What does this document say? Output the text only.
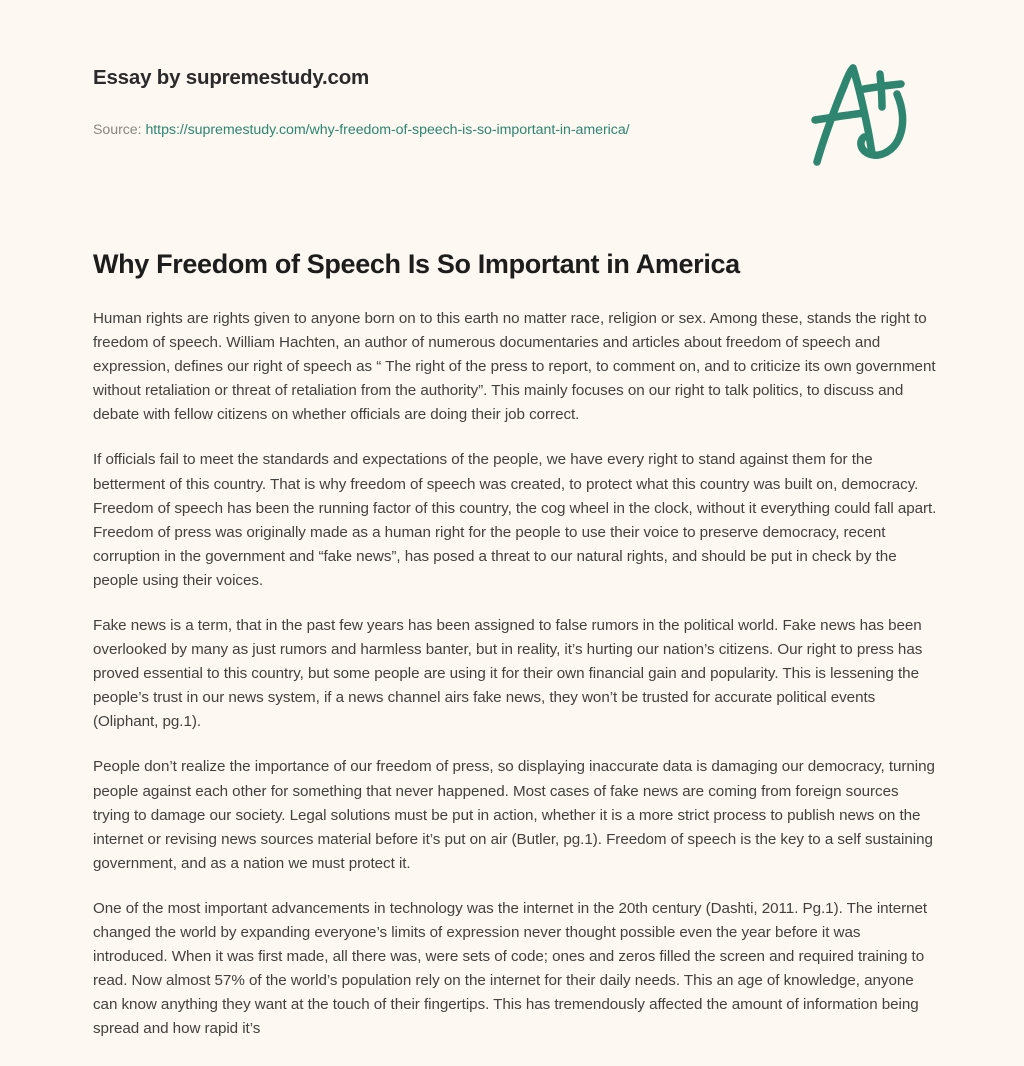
Essay by supremestudy.com
Source: https://supremestudy.com/why-freedom-of-speech-is-so-important-in-america/
Why Freedom of Speech Is So Important in America

Human rights are rights given to anyone born on to this earth no matter race, religion or sex. Among these, stands the right to freedom of speech. William Hachten, an author of numerous documentaries and articles about freedom of speech and expression, defines our right of speech as “ The right of the press to report, to comment on, and to criticize its own government without retaliation or threat of retaliation from the authority”. This mainly focuses on our right to talk politics, to discuss and debate with fellow citizens on whether officials are doing their job correct.

If officials fail to meet the standards and expectations of the people, we have every right to stand against them for the betterment of this country. That is why freedom of speech was created, to protect what this country was built on, democracy. Freedom of speech has been the running factor of this country, the cog wheel in the clock, without it everything could fall apart. Freedom of press was originally made as a human right for the people to use their voice to preserve democracy, recent corruption in the government and “fake news”, has posed a threat to our natural rights, and should be put in check by the people using their voices.

Fake news is a term, that in the past few years has been assigned to false rumors in the political world. Fake news has been overlooked by many as just rumors and harmless banter, but in reality, it’s hurting our nation’s citizens. Our right to press has proved essential to this country, but some people are using it for their own financial gain and popularity. This is lessening the people’s trust in our news system, if a news channel airs fake news, they won’t be trusted for accurate political events (Oliphant, pg.1).

People don’t realize the importance of our freedom of press, so displaying inaccurate data is damaging our democracy, turning people against each other for something that never happened. Most cases of fake news are coming from foreign sources trying to damage our society. Legal solutions must be put in action, whether it is a more strict process to publish news on the internet or revising news sources material before it’s put on air (Butler, pg.1). Freedom of speech is the key to a self sustaining government, and as a nation we must protect it.

One of the most important advancements in technology was the internet in the 20th century (Dashti, 2011. Pg.1). The internet changed the world by expanding everyone’s limits of expression never thought possible even the year before it was introduced. When it was first made, all there was, were sets of code; ones and zeros filled the screen and required training to read. Now almost 57% of the world’s population rely on the internet for their daily needs. This an age of knowledge, anyone can know anything they want at the touch of their fingertips. This has tremendously affected the amount of information being spread and how rapid it’s
